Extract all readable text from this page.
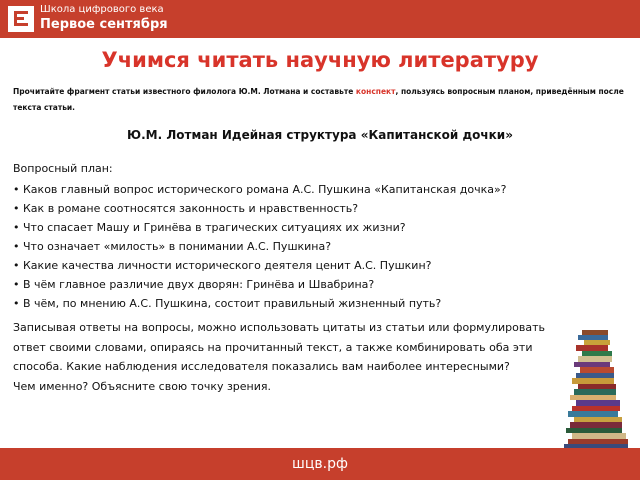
Школа цифрового века
Первое сентября
Учимся читать научную литературу
Прочитайте фрагмент статьи известного филолога Ю.М. Лотмана и составьте конспект, пользуясь вопросным планом, приведённым после текста статьи.
Ю.М. Лотман Идейная структура «Капитанской дочки»
Вопросный план:
• Каков главный вопрос исторического романа А.С. Пушкина «Капитанская дочка»?
• Как в романе соотносятся законность и нравственность?
• Что спасает Машу и Гринёва в трагических ситуациях их жизни?
• Что означает «милость» в понимании А.С. Пушкина?
• Какие качества личности исторического деятеля ценит А.С. Пушкин?
• В чём главное различие двух дворян: Гринёва и Швабрина?
• В чём, по мнению А.С. Пушкина, состоит правильный жизненный путь?
Записывая ответы на вопросы, можно использовать цитаты из статьи или формулировать
ответ своими словами, опираясь на прочитанный текст, а также комбинировать оба эти
способа. Какие наблюдения исследователя показались вам наиболее интересными?
Чем именно? Объясните свою точку зрения.
шцв.рф
